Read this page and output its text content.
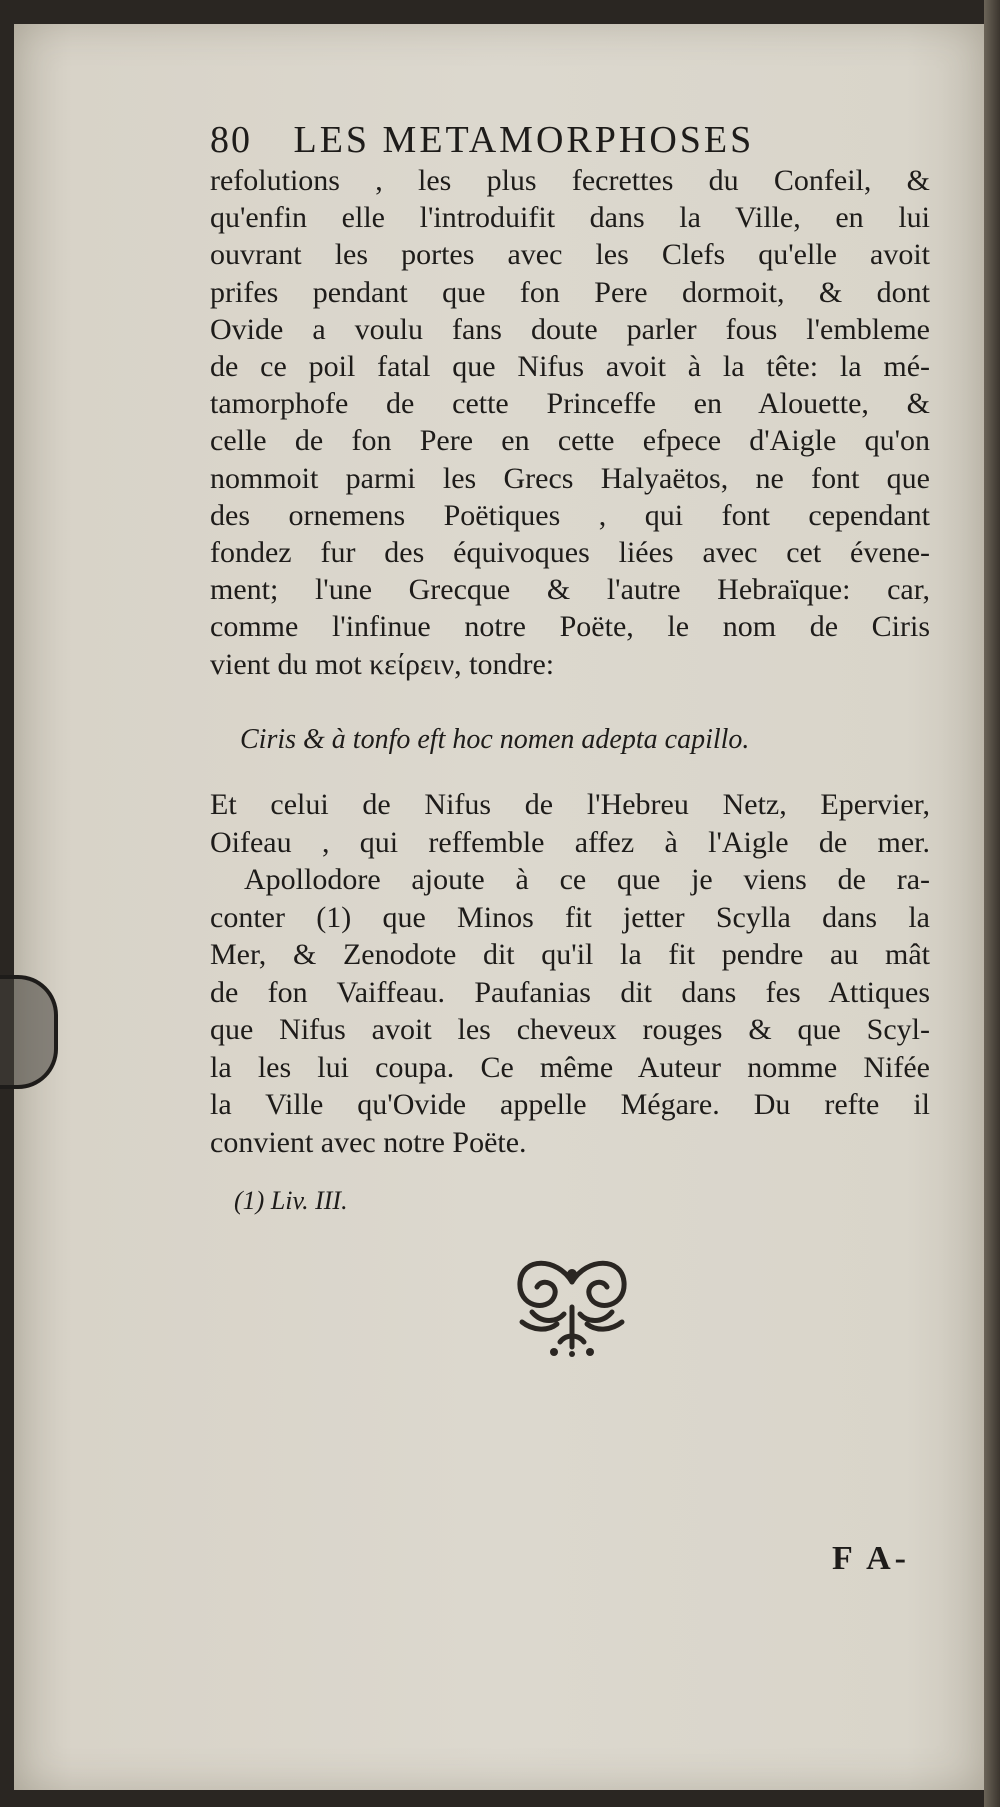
80 LES METAMORPHOSES
refolutions , les plus fecrettes du Confeil, &
qu'enfin elle l'introduifit dans la Ville, en lui
ouvrant les portes avec les Clefs qu'elle avoit
prifes pendant que fon Pere dormoit, & dont
Ovide a voulu fans doute parler fous l'embleme
de ce poil fatal que Nifus avoit à la tête: la mé-
tamorphofe de cette Princeffe en Alouette, &
celle de fon Pere en cette efpece d'Aigle qu'on
nommoit parmi les Grecs Halyaëtos, ne font que
des ornemens Poëtiques , qui font cependant
fondez fur des équivoques liées avec cet évene-
ment; l'une Grecque & l'autre Hebraïque: car,
comme l'infinue notre Poëte, le nom de Ciris
vient du mot κείρειν, tondre:
Ciris & à tonfo eft hoc nomen adepta capillo.
Et celui de Nifus de l'Hebreu Netz, Epervier,
Oifeau , qui reffemble affez à l'Aigle de mer.
Apollodore ajoute à ce que je viens de ra-
conter (1) que Minos fit jetter Scylla dans la
Mer, & Zenodote dit qu'il la fit pendre au mât
de fon Vaiffeau. Paufanias dit dans fes Attiques
que Nifus avoit les cheveux rouges & que Scyl-
la les lui coupa. Ce même Auteur nomme Nifée
la Ville qu'Ovide appelle Mégare. Du refte il
convient avec notre Poëte.
(1) Liv. III.
F A-
